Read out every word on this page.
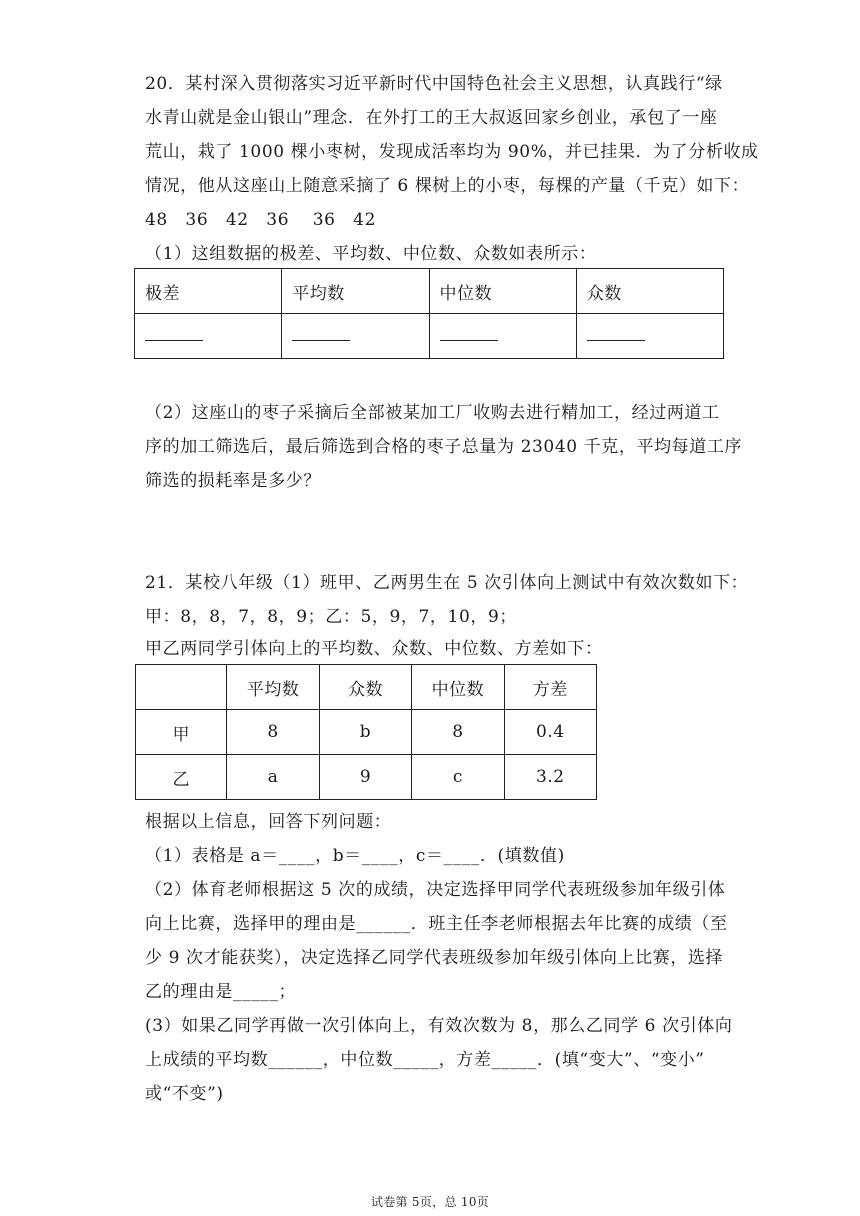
20．某村深入贯彻落实习近平新时代中国特色社会主义思想，认真践行“绿
水青山就是金山银山”理念．在外打工的王大叔返回家乡创业，承包了一座
荒山，栽了 1000 棵小枣树，发现成活率均为 90%，并已挂果．为了分析收成
情况，他从这座山上随意采摘了 6 棵树上的小枣，每棵的产量（千克）如下：
48　36　42　36　 36　42
（1）这组数据的极差、平均数、中位数、众数如表所示：
极差	平均数	中位数	众数

（2）这座山的枣子采摘后全部被某加工厂收购去进行精加工，经过两道工
序的加工筛选后，最后筛选到合格的枣子总量为 23040 千克，平均每道工序
筛选的损耗率是多少？
21．某校八年级（1）班甲、乙两男生在 5 次引体向上测试中有效次数如下：
甲：8，8，7，8，9；乙：5，9，7，10，9；
甲乙两同学引体向上的平均数、众数、中位数、方差如下：
	平均数	众数	中位数	方差
甲	8	b	8	0.4
乙	a	9	c	3.2
根据以上信息，回答下列问题：
（1）表格是 a＝____，b＝____，c＝____．(填数值)
（2）体育老师根据这 5 次的成绩，决定选择甲同学代表班级参加年级引体
向上比赛，选择甲的理由是______．班主任李老师根据去年比赛的成绩（至
少 9 次才能获奖），决定选择乙同学代表班级参加年级引体向上比赛，选择
乙的理由是_____；
(3）如果乙同学再做一次引体向上，有效次数为 8，那么乙同学 6 次引体向
上成绩的平均数______，中位数_____，方差_____．(填“变大”、“变小”
或“不变”)
试卷第 5页，总 10页
